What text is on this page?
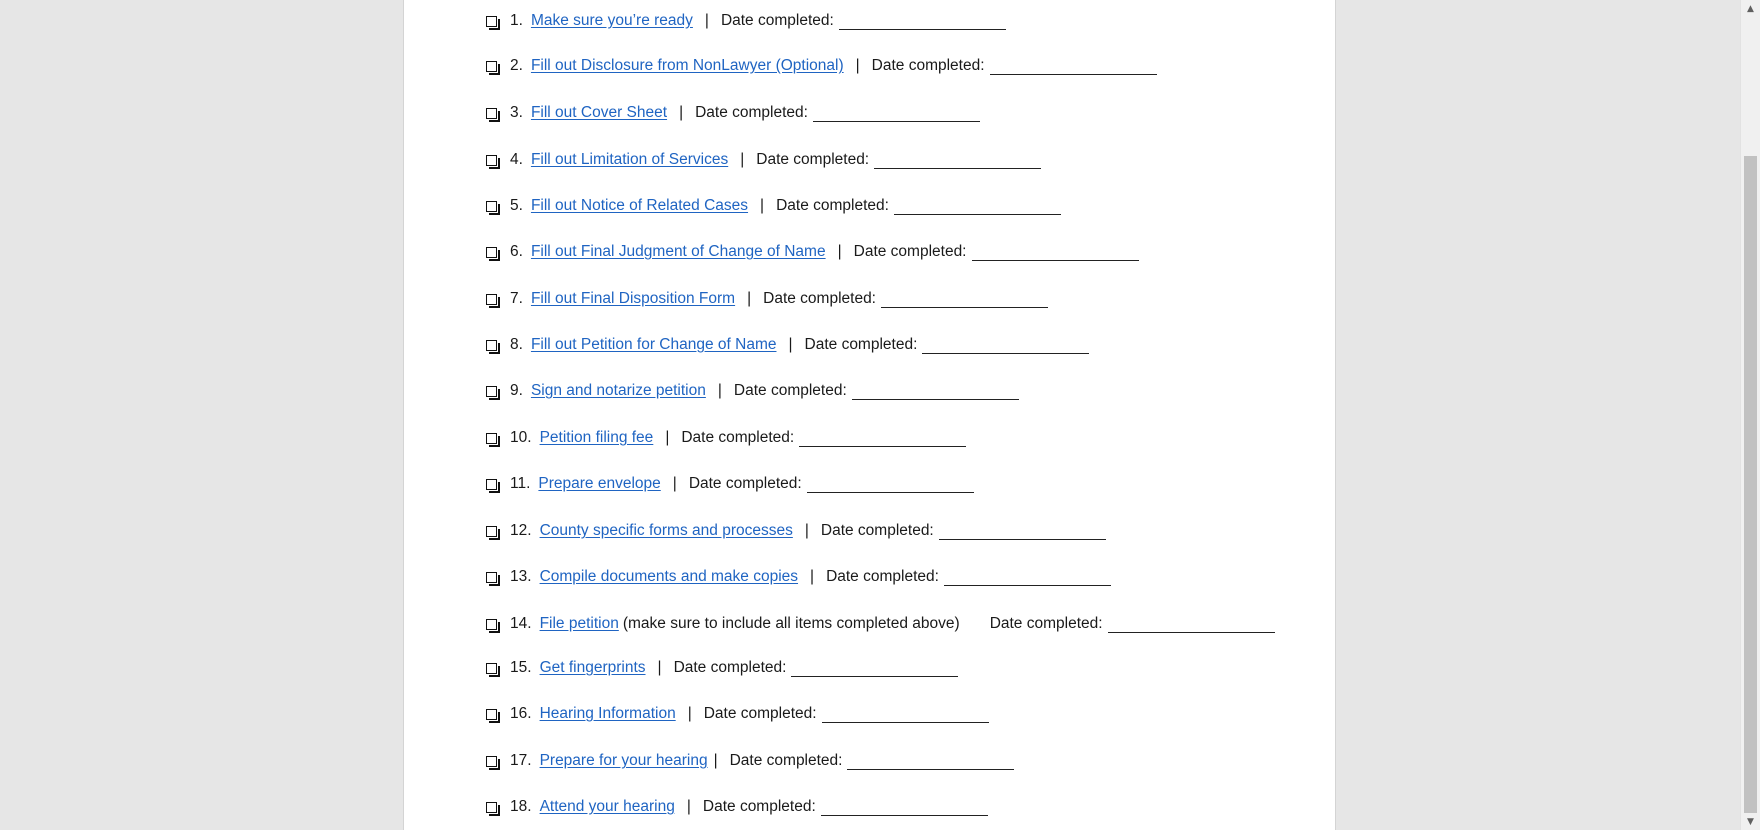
1. Make sure you’re ready | Date completed:
2. Fill out Disclosure from NonLawyer (Optional) | Date completed:
3. Fill out Cover Sheet | Date completed:
4. Fill out Limitation of Services | Date completed:
5. Fill out Notice of Related Cases | Date completed:
6. Fill out Final Judgment of Change of Name | Date completed:
7. Fill out Final Disposition Form | Date completed:
8. Fill out Petition for Change of Name | Date completed:
9. Sign and notarize petition | Date completed:
10. Petition filing fee | Date completed:
11. Prepare envelope | Date completed:
12. County specific forms and processes | Date completed:
13. Compile documents and make copies | Date completed:
14. File petition (make sure to include all items completed above) Date completed:
15. Get fingerprints | Date completed:
16. Hearing Information | Date completed:
17. Prepare for your hearing | Date completed:
18. Attend your hearing | Date completed:
▲
▼
